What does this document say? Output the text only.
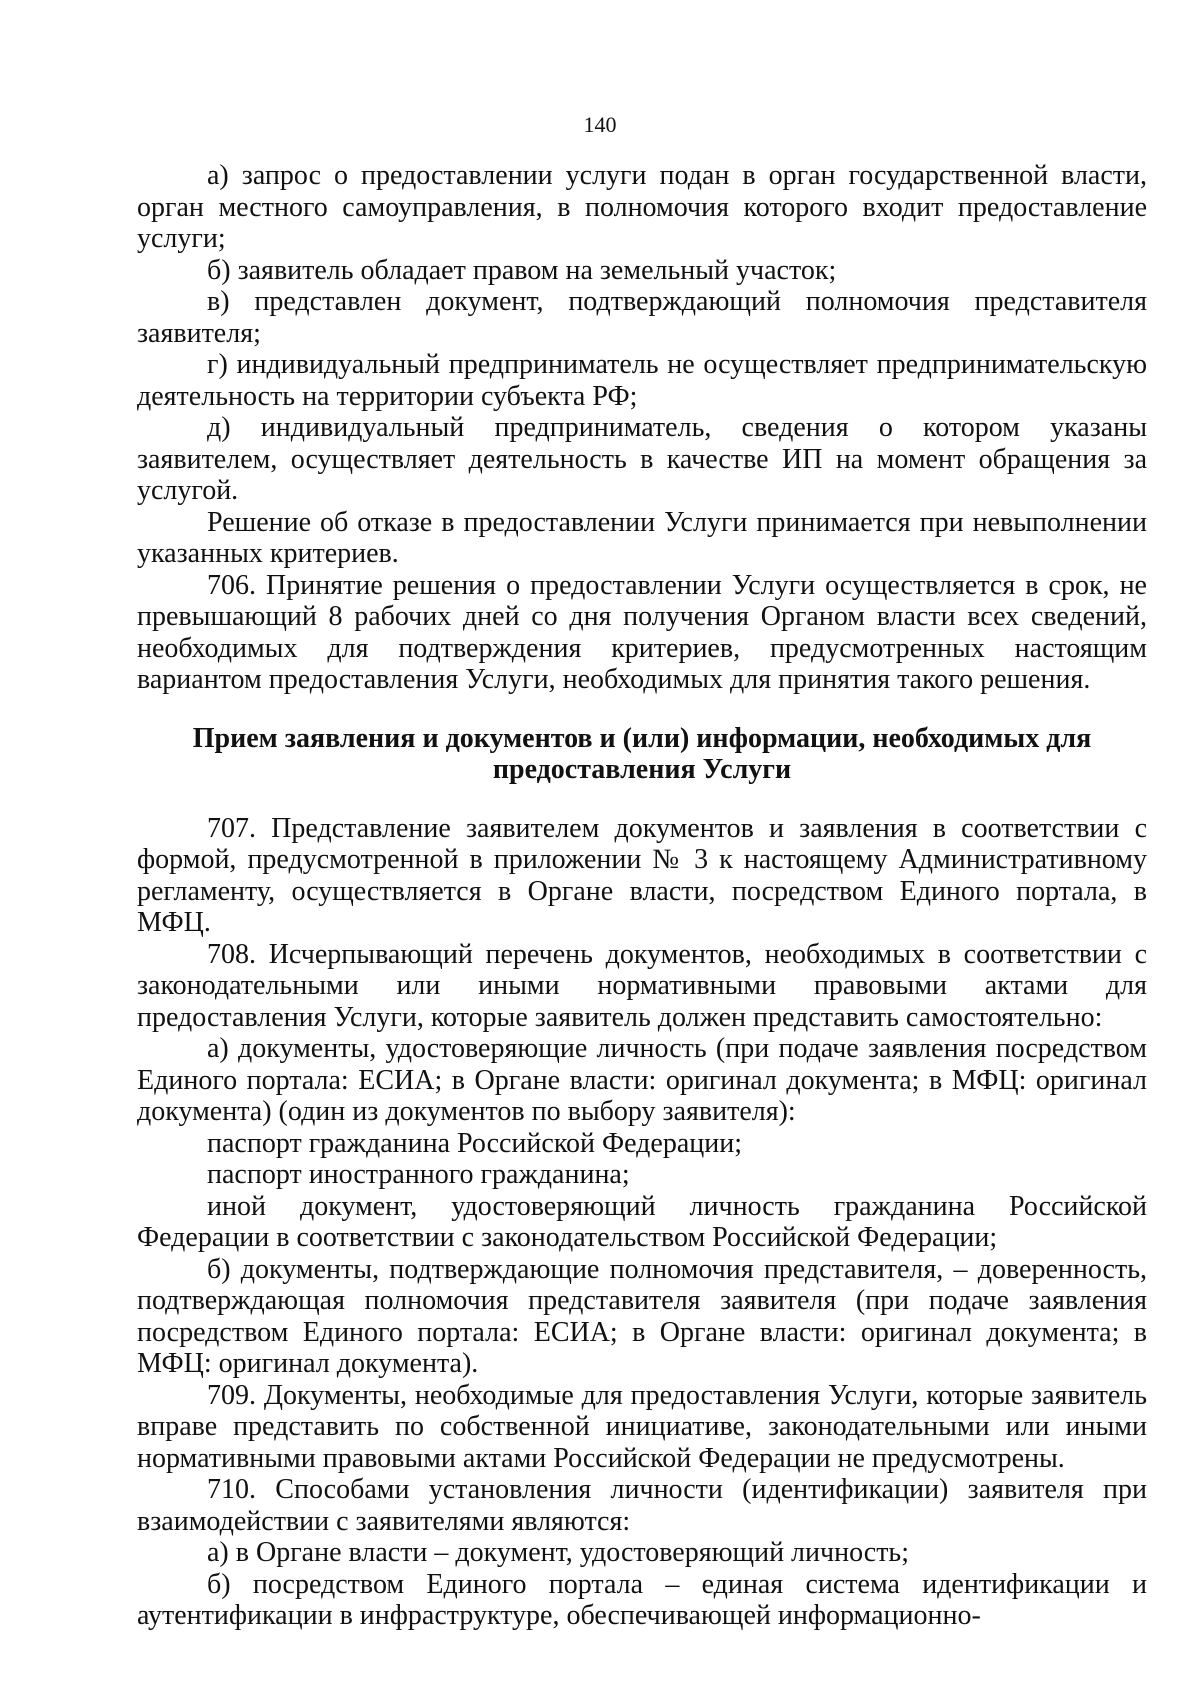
140

а) запрос о предоставлении услуги подан в орган государственной власти, орган местного самоуправления, в полномочия которого входит предоставление услуги;

б) заявитель обладает правом на земельный участок;

в) представлен документ, подтверждающий полномочия представителя заявителя;

г) индивидуальный предприниматель не осуществляет предпринимательскую деятельность на территории субъекта РФ;

д) индивидуальный предприниматель, сведения о котором указаны заявителем, осуществляет деятельность в качестве ИП на момент обращения за услугой.

Решение об отказе в предоставлении Услуги принимается при невыполнении указанных критериев.

706. Принятие решения о предоставлении Услуги осуществляется в срок, не превышающий 8 рабочих дней со дня получения Органом власти всех сведений, необходимых для подтверждения критериев, предусмотренных настоящим вариантом предоставления Услуги, необходимых для принятия такого решения.

Прием заявления и документов и (или) информации, необходимых для предоставления Услуги

707. Представление заявителем документов и заявления в соответствии с формой, предусмотренной в приложении № 3 к настоящему Административному регламенту, осуществляется в Органе власти, посредством Единого портала, в МФЦ.

708. Исчерпывающий перечень документов, необходимых в соответствии с законодательными или иными нормативными правовыми актами для предоставления Услуги, которые заявитель должен представить самостоятельно:

а) документы, удостоверяющие личность (при подаче заявления посредством Единого портала: ЕСИА; в Органе власти: оригинал документа; в МФЦ: оригинал документа) (один из документов по выбору заявителя):

паспорт гражданина Российской Федерации;

паспорт иностранного гражданина;

иной документ, удостоверяющий личность гражданина Российской Федерации в соответствии с законодательством Российской Федерации;

б) документы, подтверждающие полномочия представителя, – доверенность, подтверждающая полномочия представителя заявителя (при подаче заявления посредством Единого портала: ЕСИА; в Органе власти: оригинал документа; в МФЦ: оригинал документа).

709. Документы, необходимые для предоставления Услуги, которые заявитель вправе представить по собственной инициативе, законодательными или иными нормативными правовыми актами Российской Федерации не предусмотрены.

710. Способами установления личности (идентификации) заявителя при взаимодействии с заявителями являются:

а) в Органе власти – документ, удостоверяющий личность;

б) посредством Единого портала – единая система идентификации и аутентификации в инфраструктуре, обеспечивающей информационно-
